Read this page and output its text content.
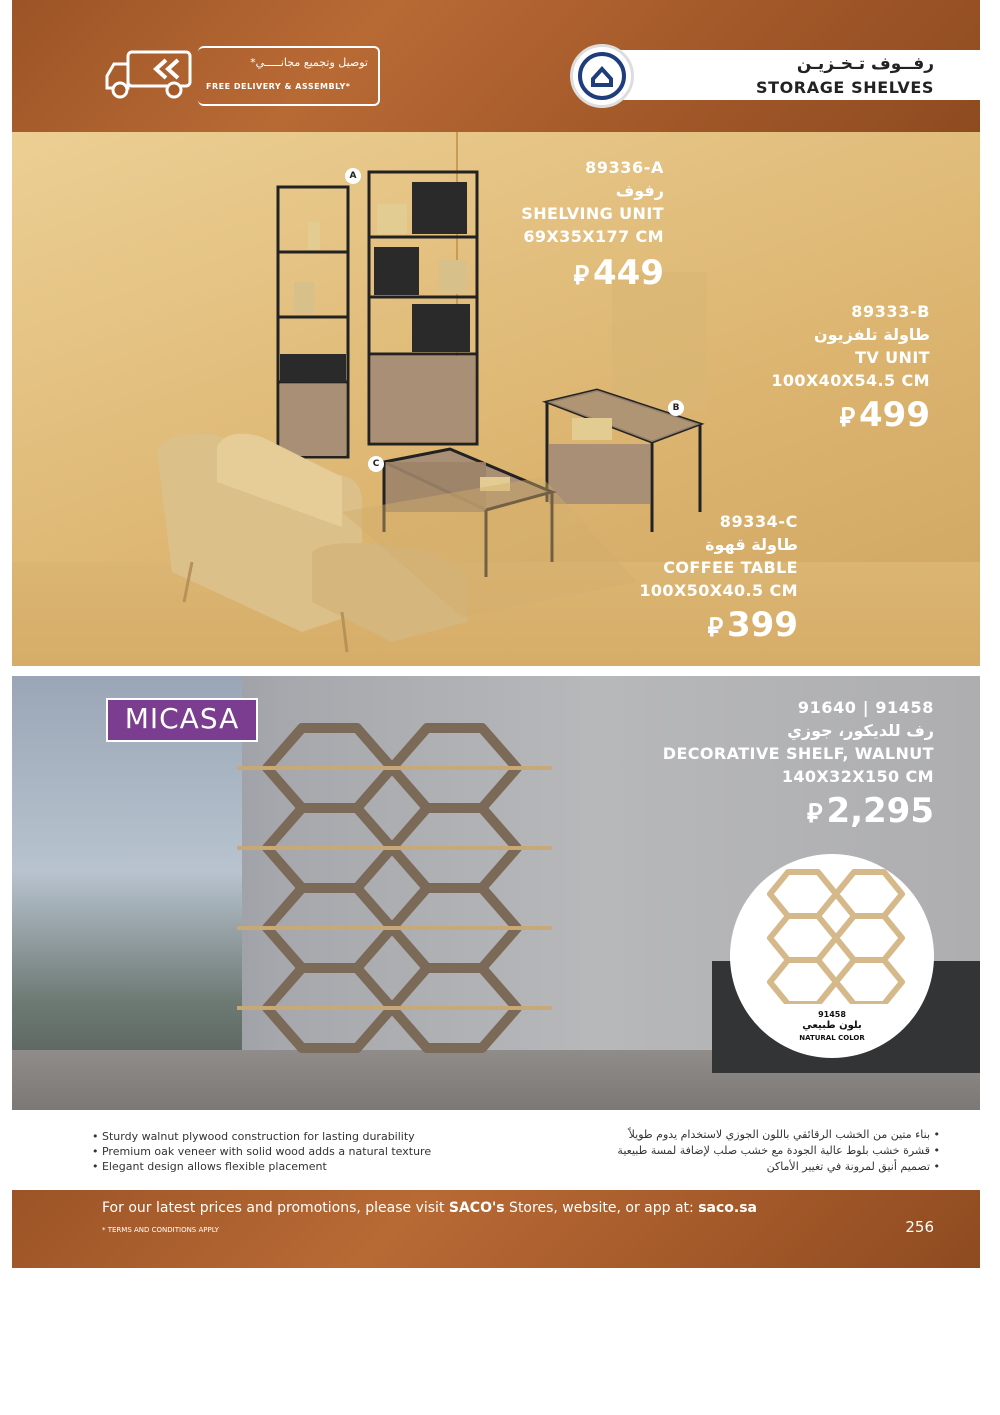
توصيل وتجميع مجانـــــي*
FREE DELIVERY & ASSEMBLY*
رفــوف تـخـزيـن
STORAGE SHELVES
A
B
C
89336-A
رفوف
SHELVING UNIT
69X35X177 CM
⃁ 449
89333-B
طاولة تلفزيون
TV UNIT
100X40X54.5 CM
⃁ 499
89334-C
طاولة قهوة
COFFEE TABLE
100X50X40.5 CM
⃁ 399
MICASA	91640 | 91458
رف للديكور، جوزي
DECORATIVE SHELF, WALNUT
140X32X150 CM
⃁ 2,295
91458
بلون طبيعي
NATURAL COLOR
• Sturdy walnut plywood construction for lasting durability
• Premium oak veneer with solid wood adds a natural texture
• Elegant design allows flexible placement
• بناء متين من الخشب الرقائقي باللون الجوزي لاستخدام يدوم طويلاً
• قشرة خشب بلوط عالية الجودة مع خشب صلب لإضافة لمسة طبيعية
• تصميم أنيق لمرونة في تغيير الأماكن
For our latest prices and promotions, please visit SACO's Stores, website, or app at: saco.sa
* TERMS AND CONDITIONS APPLY	256
